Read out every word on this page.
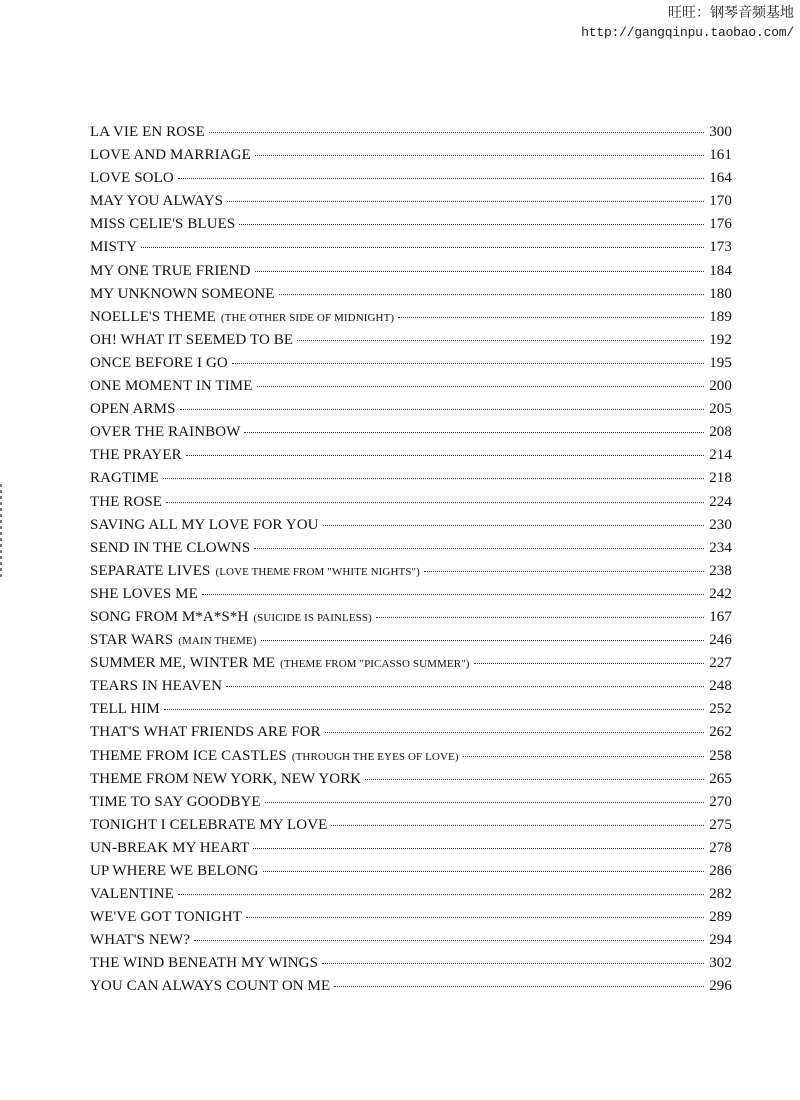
旺旺：钢琴音频基地
http://gangqinpu.taobao.com/
LA VIE EN ROSE	300
LOVE AND MARRIAGE	161
LOVE SOLO	164
MAY YOU ALWAYS	170
MISS CELIE'S BLUES	176
MISTY	173
MY ONE TRUE FRIEND	184
MY UNKNOWN SOMEONE	180
NOELLE'S THEME (THE OTHER SIDE OF MIDNIGHT)	189
OH! WHAT IT SEEMED TO BE	192
ONCE BEFORE I GO	195
ONE MOMENT IN TIME	200
OPEN ARMS	205
OVER THE RAINBOW	208
THE PRAYER	214
RAGTIME	218
THE ROSE	224
SAVING ALL MY LOVE FOR YOU	230
SEND IN THE CLOWNS	234
SEPARATE LIVES (LOVE THEME FROM "WHITE NIGHTS")	238
SHE LOVES ME	242
SONG FROM M*A*S*H (SUICIDE IS PAINLESS)	167
STAR WARS (MAIN THEME)	246
SUMMER ME, WINTER ME (THEME FROM "PICASSO SUMMER")	227
TEARS IN HEAVEN	248
TELL HIM	252
THAT'S WHAT FRIENDS ARE FOR	262
THEME FROM ICE CASTLES (THROUGH THE EYES OF LOVE)	258
THEME FROM NEW YORK, NEW YORK	265
TIME TO SAY GOODBYE	270
TONIGHT I CELEBRATE MY LOVE	275
UN-BREAK MY HEART	278
UP WHERE WE BELONG	286
VALENTINE	282
WE'VE GOT TONIGHT	289
WHAT'S NEW?	294
THE WIND BENEATH MY WINGS	302
YOU CAN ALWAYS COUNT ON ME	296
